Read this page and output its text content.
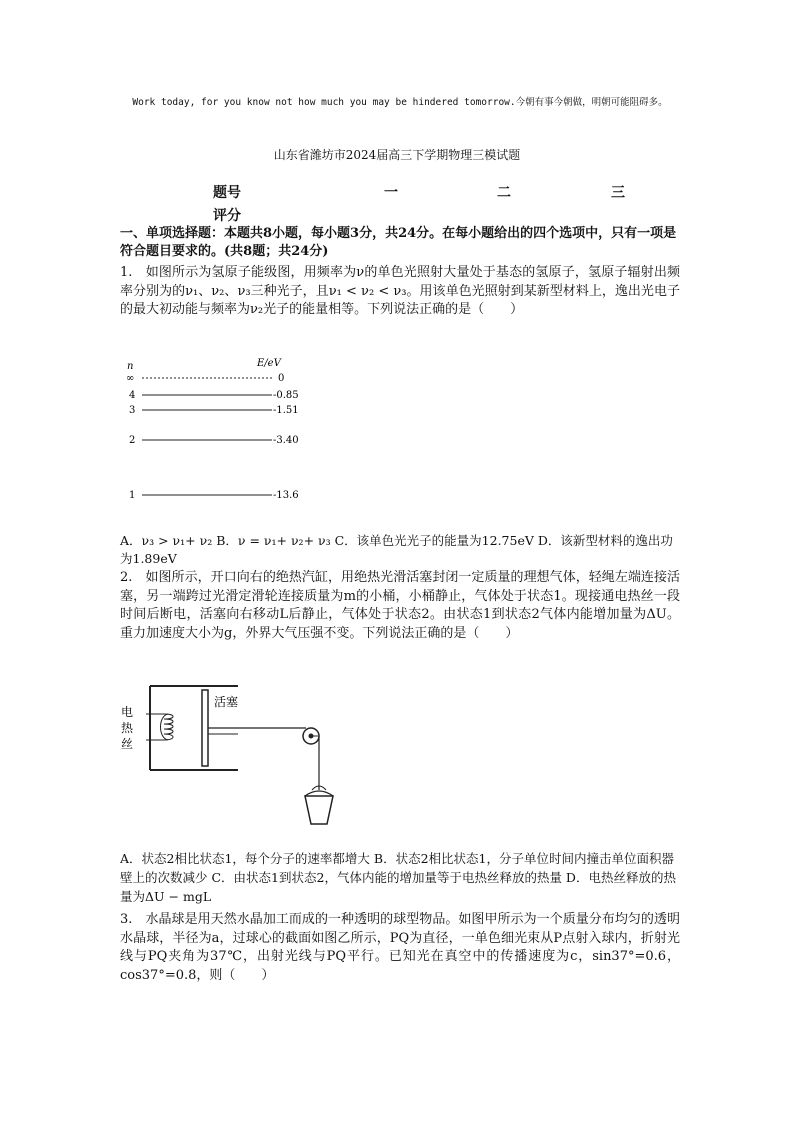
Work today, for you know not how much you may be hindered tomorrow.今朝有事今朝做，明朝可能阻碍多。
山东省潍坊市2024届高三下学期物理三模试题
题号	一	二	三
评分
一、单项选择题：本题共8小题，每小题3分，共24分。在每小题给出的四个选项中，只有一项是符合题目要求的。(共8题；共24分)
1.　如图所示为氢原子能级图，用频率为ν的单色光照射大量处于基态的氢原子，氢原子辐射出频率分别为的ν₁、ν₂、ν₃三种光子，且ν₁ < ν₂ < ν₃。用该单色光照射到某新型材料上，逸出光电子的最大初动能与频率为ν₂光子的能量相等。下列说法正确的是（　　）
n	E/eV
∞	0
4	-0.85
3	-1.51
2	-3.40
1	-13.6
A．ν₃ > ν₁+ ν₂ B．ν = ν₁+ ν₂+ ν₃ C．该单色光光子的能量为12.75eV D．该新型材料的逸出功为1.89eV
2.　如图所示，开口向右的绝热汽缸，用绝热光滑活塞封闭一定质量的理想气体，轻绳左端连接活塞，另一端跨过光滑定滑轮连接质量为m的小桶，小桶静止，气体处于状态1。现接通电热丝一段时间后断电，活塞向右移动L后静止，气体处于状态2。由状态1到状态2气体内能增加量为ΔU。重力加速度大小为g，外界大气压强不变。下列说法正确的是（　　）
电
热
丝
活塞
A．状态2相比状态1，每个分子的速率都增大 B．状态2相比状态1，分子单位时间内撞击单位面积器壁上的次数减少 C．由状态1到状态2，气体内能的增加量等于电热丝释放的热量 D．电热丝释放的热量为ΔU − mgL
3.　水晶球是用天然水晶加工而成的一种透明的球型物品。如图甲所示为一个质量分布均匀的透明水晶球，半径为a，过球心的截面如图乙所示，PQ为直径，一单色细光束从P点射入球内，折射光线与PQ夹角为37℃，出射光线与PQ平行。已知光在真空中的传播速度为c，sin37°=0.6，cos37°=0.8，则（　　）
